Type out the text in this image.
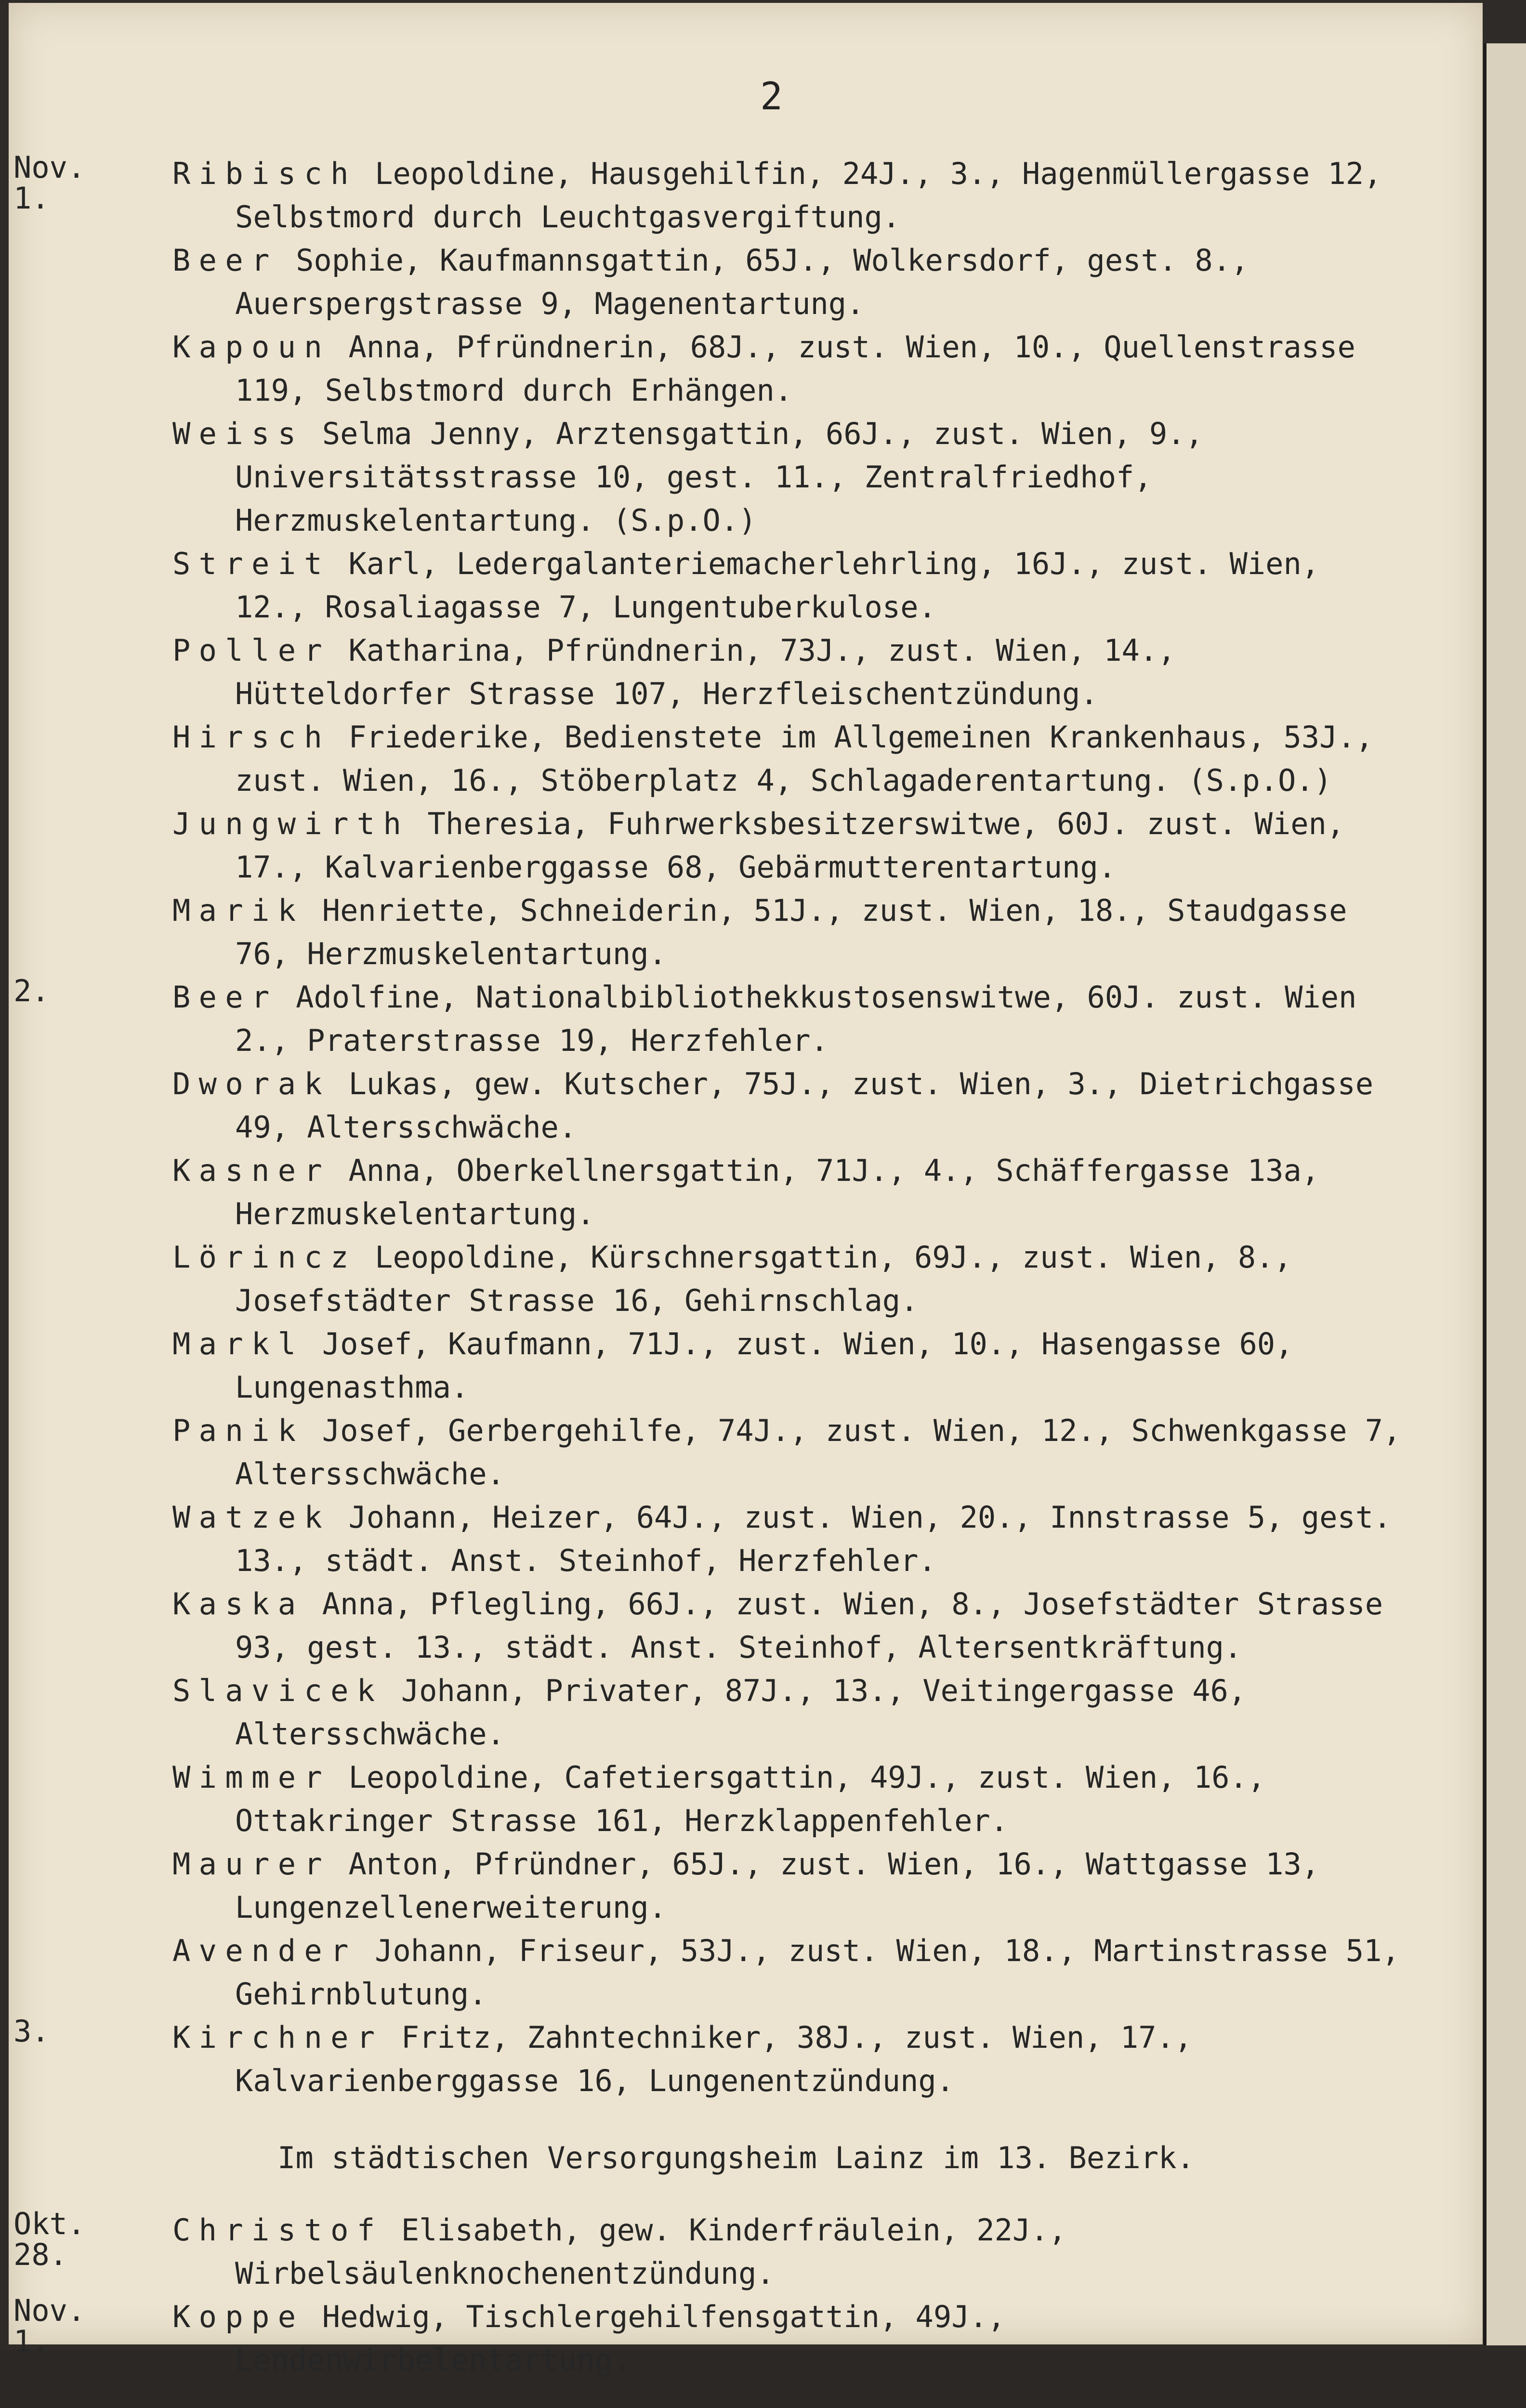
2
Nov.
1.
Ribisch Leopoldine, Hausgehilfin, 24J., 3., Hagenmüllergasse 12, Selbstmord durch Leuchtgasvergiftung.
Beer Sophie, Kaufmannsgattin, 65J., Wolkersdorf, gest. 8., Auerspergstrasse 9, Magenentartung.
Kapoun Anna, Pfründnerin, 68J., zust. Wien, 10., Quellenstrasse 119, Selbstmord durch Erhängen.
Weiss Selma Jenny, Arztensgattin, 66J., zust. Wien, 9., Universitätsstrasse 10, gest. 11., Zentralfriedhof, Herzmuskelentartung. (S.p.O.)
Streit Karl, Ledergalanteriemacherlehrling, 16J., zust. Wien, 12., Rosaliagasse 7, Lungentuberkulose.
Poller Katharina, Pfründnerin, 73J., zust. Wien, 14., Hütteldorfer Strasse 107, Herzfleischentzündung.
Hirsch Friederike, Bedienstete im Allgemeinen Krankenhaus, 53J., zust. Wien, 16., Stöberplatz 4, Schlagaderentartung. (S.p.O.)
Jungwirth Theresia, Fuhrwerksbesitzerswitwe, 60J. zust. Wien, 17., Kalvarienberggasse 68, Gebärmutterentartung.
Marik Henriette, Schneiderin, 51J., zust. Wien, 18., Staudgasse 76, Herzmuskelentartung.
2.	Beer Adolfine, Nationalbibliothekkustosenswitwe, 60J. zust. Wien 2., Praterstrasse 19, Herzfehler.
Dworak Lukas, gew. Kutscher, 75J., zust. Wien, 3., Dietrichgasse 49, Altersschwäche.
Kasner Anna, Oberkellnersgattin, 71J., 4., Schäffergasse 13a, Herzmuskelentartung.
Lörincz Leopoldine, Kürschnersgattin, 69J., zust. Wien, 8., Josefstädter Strasse 16, Gehirnschlag.
Markl Josef, Kaufmann, 71J., zust. Wien, 10., Hasengasse 60, Lungenasthma.
Panik Josef, Gerbergehilfe, 74J., zust. Wien, 12., Schwenkgasse 7, Altersschwäche.
Watzek Johann, Heizer, 64J., zust. Wien, 20., Innstrasse 5, gest. 13., städt. Anst. Steinhof, Herzfehler.
Kaska Anna, Pflegling, 66J., zust. Wien, 8., Josefstädter Strasse 93, gest. 13., städt. Anst. Steinhof, Altersentkräftung.
Slavicek Johann, Privater, 87J., 13., Veitingergasse 46, Altersschwäche.
Wimmer Leopoldine, Cafetiersgattin, 49J., zust. Wien, 16., Ottakringer Strasse 161, Herzklappenfehler.
Maurer Anton, Pfründner, 65J., zust. Wien, 16., Wattgasse 13, Lungenzellenerweiterung.
Avender Johann, Friseur, 53J., zust. Wien, 18., Martinstrasse 51, Gehirnblutung.
3.	Kirchner Fritz, Zahntechniker, 38J., zust. Wien, 17., Kalvarienberggasse 16, Lungenentzündung.
Im städtischen Versorgungsheim Lainz im 13. Bezirk.
Okt.
28.
Christof Elisabeth, gew. Kinderfräulein, 22J., Wirbelsäulenknochenentzündung.
Nov.
1.
Koppe Hedwig, Tischlergehilfensgattin, 49J., Lendenwirbelentartung.
